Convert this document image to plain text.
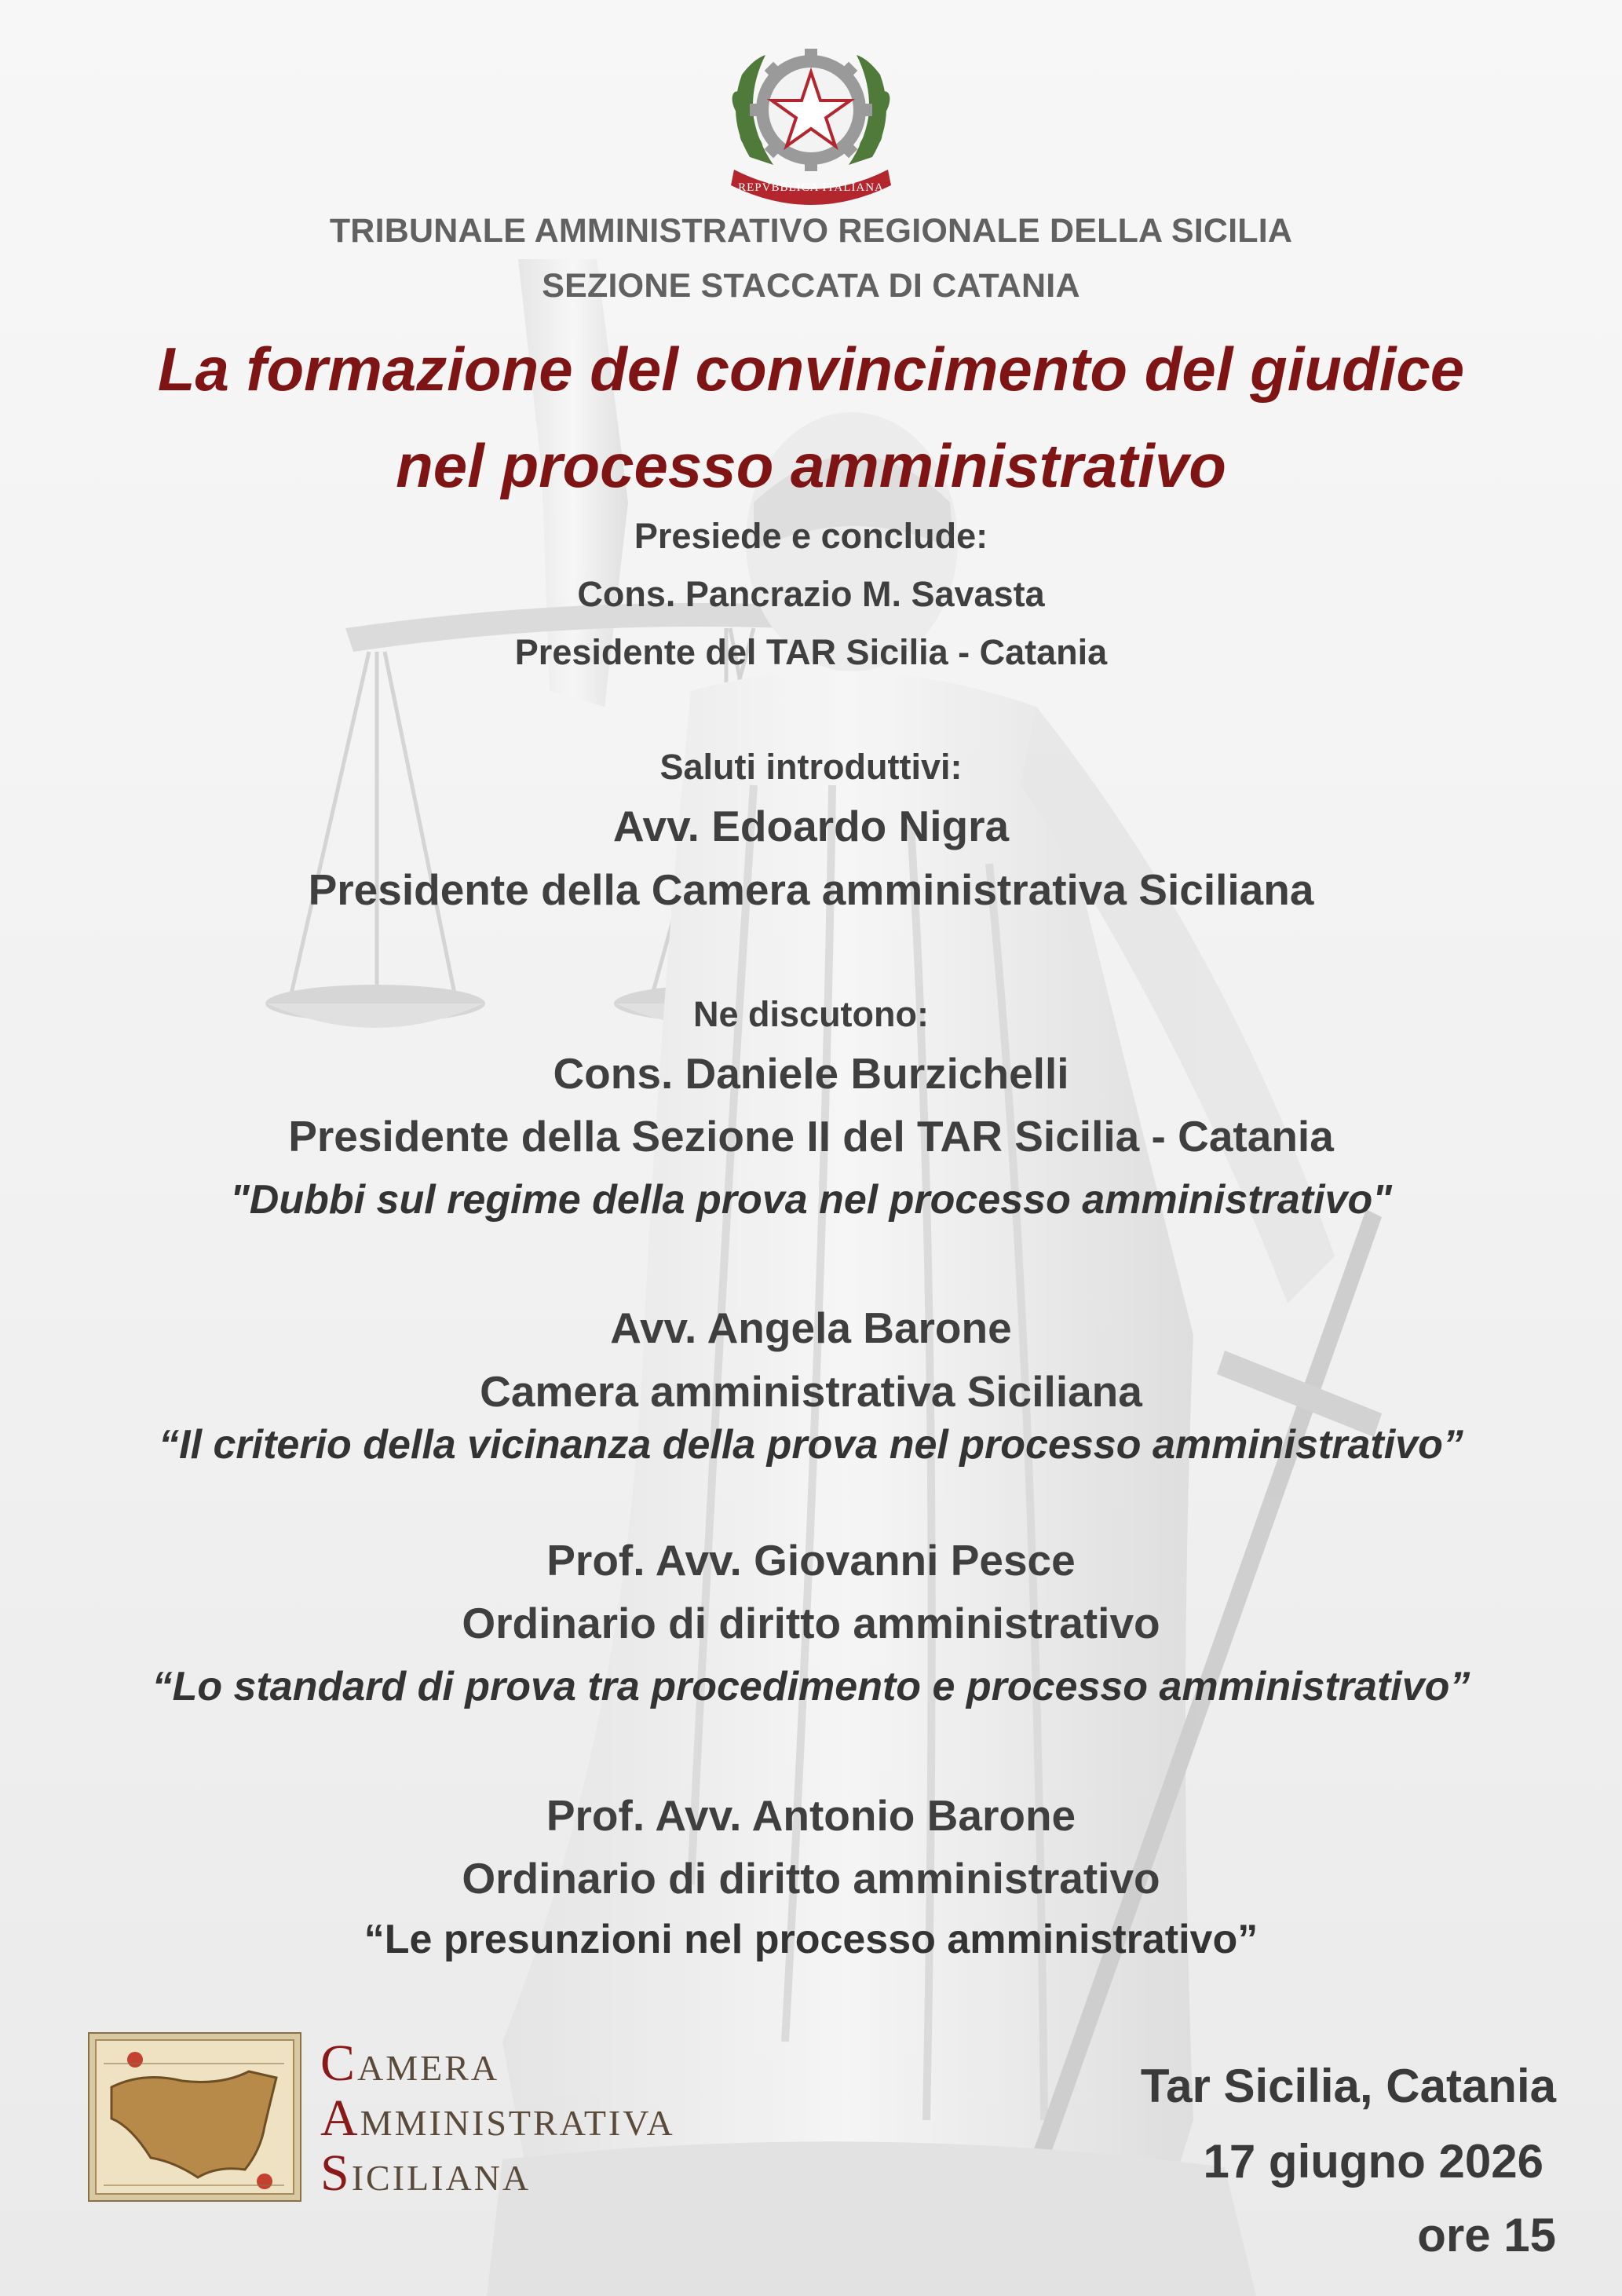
REPVBBLICA ITALIANA

TRIBUNALE AMMINISTRATIVO REGIONALE DELLA SICILIA

SEZIONE STACCATA DI CATANIA

La formazione del convincimento del giudice

nel processo amministrativo

Presiede e conclude:

Cons. Pancrazio M. Savasta

Presidente del TAR Sicilia - Catania

Saluti introduttivi:

Avv. Edoardo Nigra

Presidente della Camera amministrativa Siciliana

Ne discutono:

Cons. Daniele Burzichelli

Presidente della Sezione II del TAR Sicilia - Catania

"Dubbi sul regime della prova nel processo amministrativo"

Avv. Angela Barone

Camera amministrativa Siciliana

“Il criterio della vicinanza della prova nel processo amministrativo”

Prof. Avv. Giovanni Pesce

Ordinario di diritto amministrativo

“Lo standard di prova tra procedimento e processo amministrativo”

Prof. Avv. Antonio Barone

Ordinario di diritto amministrativo

“Le presunzioni nel processo amministrativo”

CAMERA
AMMINISTRATIVA
SICILIANA

Tar Sicilia, Catania

17 giugno 2026

ore 15
